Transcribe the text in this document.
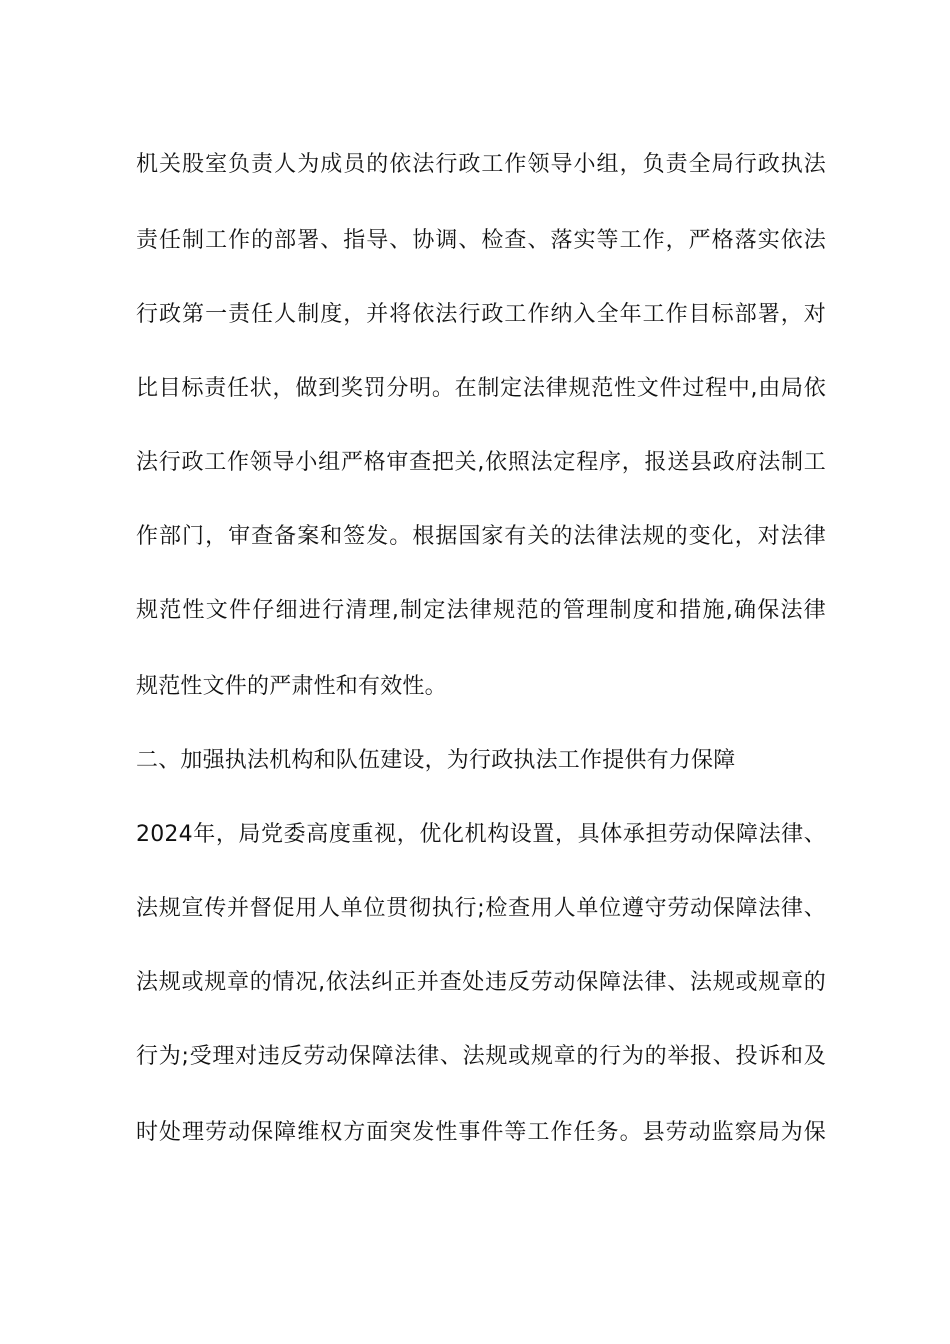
机关股室负责人为成员的依法行政工作领导小组，负责全局行政执法
责任制工作的部署、指导、协调、检查、落实等工作，严格落实依法
行政第一责任人制度，并将依法行政工作纳入全年工作目标部署，对
比目标责任状，做到奖罚分明。在制定法律规范性文件过程中,由局依
法行政工作领导小组严格审查把关,依照法定程序，报送县政府法制工
作部门，审查备案和签发。根据国家有关的法律法规的变化，对法律
规范性文件仔细进行清理,制定法律规范的管理制度和措施,确保法律
规范性文件的严肃性和有效性。
二、加强执法机构和队伍建设，为行政执法工作提供有力保障
2024年，局党委高度重视，优化机构设置，具体承担劳动保障法律、
法规宣传并督促用人单位贯彻执行;检查用人单位遵守劳动保障法律、
法规或规章的情况,依法纠正并查处违反劳动保障法律、法规或规章的
行为;受理对违反劳动保障法律、法规或规章的行为的举报、投诉和及
时处理劳动保障维权方面突发性事件等工作任务。县劳动监察局为保
